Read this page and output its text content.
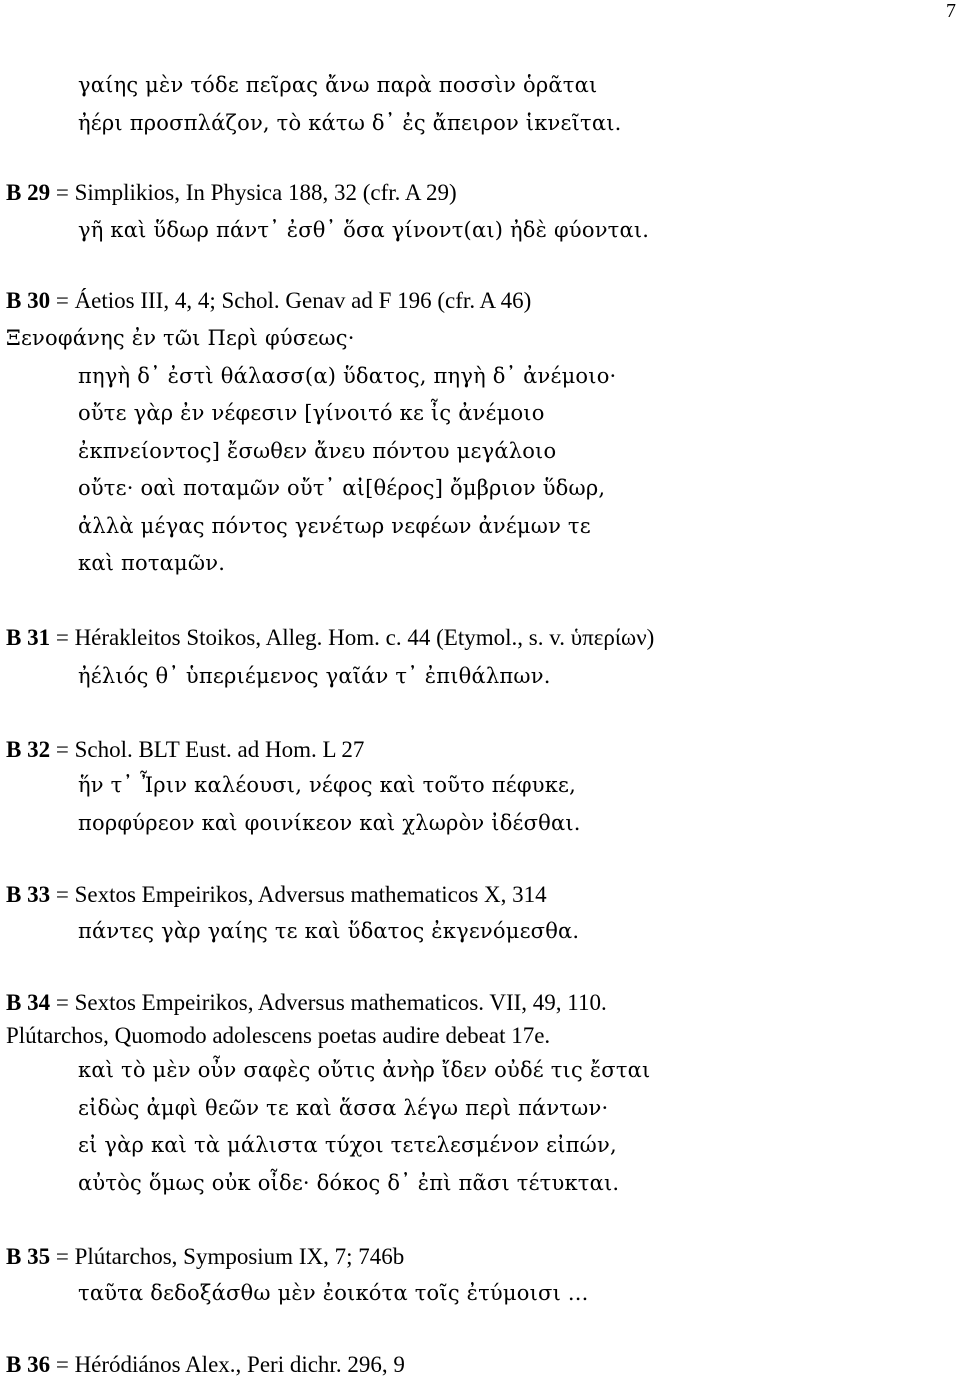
7
γαίης μὲν τόδε πεῖρας ἄνω παρὰ ποσσὶν ὁρᾶται
ἠέρι προσπλάζον, τὸ κάτω δ᾽ ἐς ἄπειρον ἱκνεῖται.
B 29 = Simplikios, In Physica 188, 32 (cfr. A 29)
γῆ καὶ ὕδωρ πάντ᾽ ἐσθ᾽ ὅσα γίνοντ(αι) ἠδὲ φύονται.
B 30 = Áetios III, 4, 4; Schol. Genav ad F 196 (cfr. A 46)
Ξενοφάνης ἐν τῶι Περὶ φύσεως·
πηγὴ δ᾽ ἐστὶ θάλασσ(α) ὕδατος, πηγὴ δ᾽ ἀνέμοιο·
οὔτε γὰρ ἐν νέφεσιν [γίνοιτό κε ἶς ἀνέμοιο
ἐκπνείοντος] ἔσωθεν ἄνευ πόντου μεγάλοιο
οὔτε· οαὶ ποταμῶν οὔτ᾽ αἰ[θέρος] ὄμβριον ὕδωρ,
ἀλλὰ μέγας πόντος γενέτωρ νεφέων ἀνέμων τε
καὶ ποταμῶν.
B 31 = Hérakleitos Stoikos, Alleg. Hom. c. 44 (Etymol., s. v. ὑπερίων)
ἠέλιός θ᾽ ὑπεριέμενος γαῖάν τ᾽ ἐπιθάλπων.
B 32 = Schol. BLT Eust. ad Hom. L 27
ἥν τ᾽ Ἶριν καλέουσι, νέφος καὶ τοῦτο πέφυκε,
πορφύρεον καὶ φοινίκεον καὶ χλωρὸν ἰδέσθαι.
B 33 = Sextos Empeirikos, Adversus mathematicos X, 314
πάντες γὰρ γαίης τε καὶ ὕδατος ἐκγενόμεσθα.
B 34 = Sextos Empeirikos, Adversus mathematicos. VII, 49, 110.
Plútarchos, Quomodo adolescens poetas audire debeat 17e.
καὶ τὸ μὲν οὖν σαφὲς οὔτις ἀνὴρ ἴδεν οὐδέ τις ἔσται
εἰδὼς ἀμφὶ θεῶν τε καὶ ἅσσα λέγω περὶ πάντων·
εἰ γὰρ καὶ τὰ μάλιστα τύχοι τετελεσμένον εἰπών,
αὐτὸς ὅμως οὐκ οἶδε· δόκος δ᾽ ἐπὶ πᾶσι τέτυκται.
B 35 = Plútarchos, Symposium IX, 7; 746b
ταῦτα δεδοξάσθω μὲν ἐοικότα τοῖς ἐτύμοισι ...
B 36 = Héródiános Alex., Peri dichr. 296, 9
